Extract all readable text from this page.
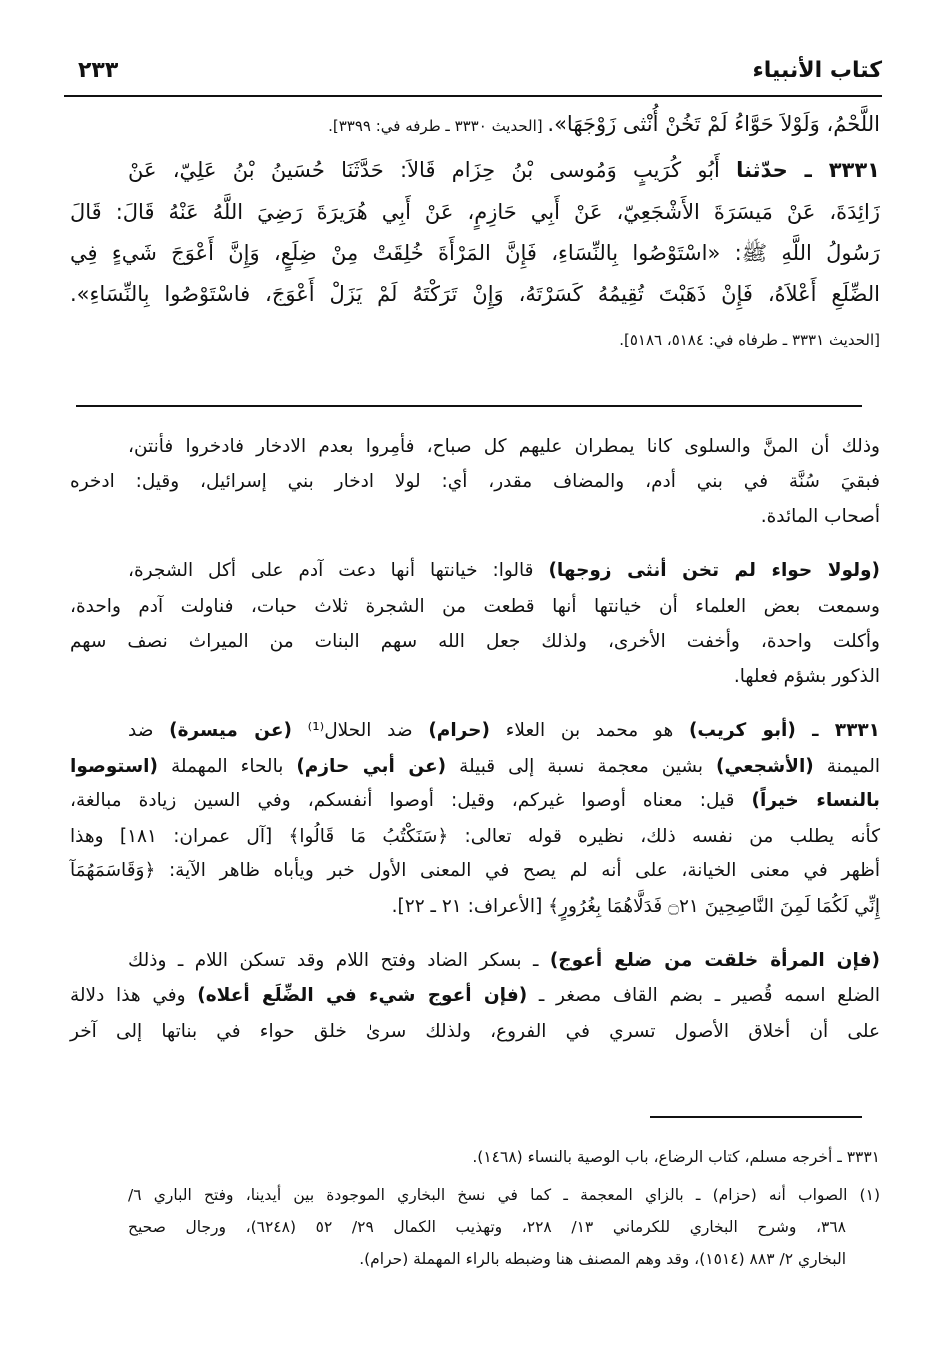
كتاب الأنبياء
٢٣٣
اللَّحْمُ، وَلَوْلاَ حَوَّاءُ لَمْ تَخُنْ أُنْثى زَوْجَهَا». [الحديث ٣٣٣٠ ـ طرفه في: ٣٣٩٩].
٣٣٣١ ـ حدّثنا أَبُو كُرَيبٍ وَمُوسى بْنُ حِزَام قَالاَ: حَدَّثَنَا حُسَينُ بْنُ عَلِيّ، عَنْ
زَائِدَةَ، عَنْ مَيسَرَةَ الأَشْجَعِيّ، عَنْ أَبِي حَازِمٍ، عَنْ أَبِي هُرَيرَةَ رَضِيَ اللَّهُ عَنْهُ قَالَ: قَالَ
رَسُولُ اللَّهِ ﷺ: «اسْتَوْصُوا بِالنِّسَاءِ، فَإِنَّ المَرْأَةَ خُلِقَتْ مِنْ ضِلَعٍ، وَإِنَّ أَعْوَجَ شَيءٍ فِي
الضِّلَعِ أَعْلاَهُ، فَإِنْ ذَهَبْتَ تُقِيمُهُ كَسَرْتَهُ، وَإِنْ تَرَكْتَهُ لَمْ يَزَلْ أَعْوَجَ، فاسْتَوْصُوا بِالنِّسَاءِ».
[الحديث ٣٣٣١ ـ طرفاه في: ٥١٨٤، ٥١٨٦].
وذلك أن المنَّ والسلوى كانا يمطران عليهم كل صباح، فأمِروا بعدم الادخار فادخروا فأنتن،
فبقيَ سُنَّة في بني أدم، والمضاف مقدر، أي: لولا ادخار بني إسرائيل، وقيل: ادخره
أصحاب المائدة.
(ولولا حواء لم تخن أنثى زوجها) قالوا: خيانتها أنها دعت آدم على أكل الشجرة،
وسمعت بعض العلماء أن خيانتها أنها قطعت من الشجرة ثلاث حبات، فناولت آدم واحدة،
وأكلت واحدة، وأخفت الأخرى، ولذلك جعل الله سهم البنات من الميراث نصف سهم
الذكور بشؤم فعلها.
٣٣٣١ ـ (أبو كريب) هو محمد بن العلاء (حرام) ضد الحلال⁽¹⁾ (عن ميسرة) ضد
الميمنة (الأشجعي) بشين معجمة نسبة إلى قبيلة (عن أبي حازم) بالحاء المهملة (استوصوا
بالنساء خيراً) قيل: معناه أوصوا غيركم، وقيل: أوصوا أنفسكم، وفي السين زيادة مبالغة،
كأنه يطلب من نفسه ذلك، نظيره قوله تعالى: ﴿سَنَكْتُبُ مَا قَالُوا﴾ [آل عمران: ١٨١] وهذا
أظهر في معنى الخيانة، على أنه لم يصح في المعنى الأول خبر ويأباه ظاهر الآية: ﴿وَقَاسَمَهُمَآ
إِنِّي لَكُمَا لَمِنَ النَّاصِحِينَ ۝٢١ فَدَلَّاهُمَا بِغُرُورٍ﴾ [الأعراف: ٢١ ـ ٢٢].
(فإن المرأة خلقت من ضلع أعوج) ـ بسكر الضاد وفتح اللام وقد تسكن اللام ـ وذلك
الضلع اسمه قُصير ـ بضم القاف مصغر ـ (فإن أعوج شيء في الضِّلَع أعلاه) وفي هذا دلالة
على أن أخلاق الأصول تسري في الفروع، ولذلك سرىٰ خلق حواء في بناتها إلى آخر
٣٣٣١ ـ أخرجه مسلم، كتاب الرضاع، باب الوصية بالنساء (١٤٦٨).
(١) الصواب أنه (حزام) ـ بالزاي المعجمة ـ كما في نسخ البخاري الموجودة بين أيدينا، وفتح الباري ٦/
٣٦٨، وشرح البخاري للكرماني ١٣/ ٢٢٨، وتهذيب الكمال ٢٩/ ٥٢ (٦٢٤٨)، ورجال صحيح
البخاري ٢/ ٨٨٣ (١٥١٤)، وقد وهم المصنف هنا وضبطه بالراء المهملة (حرام).
